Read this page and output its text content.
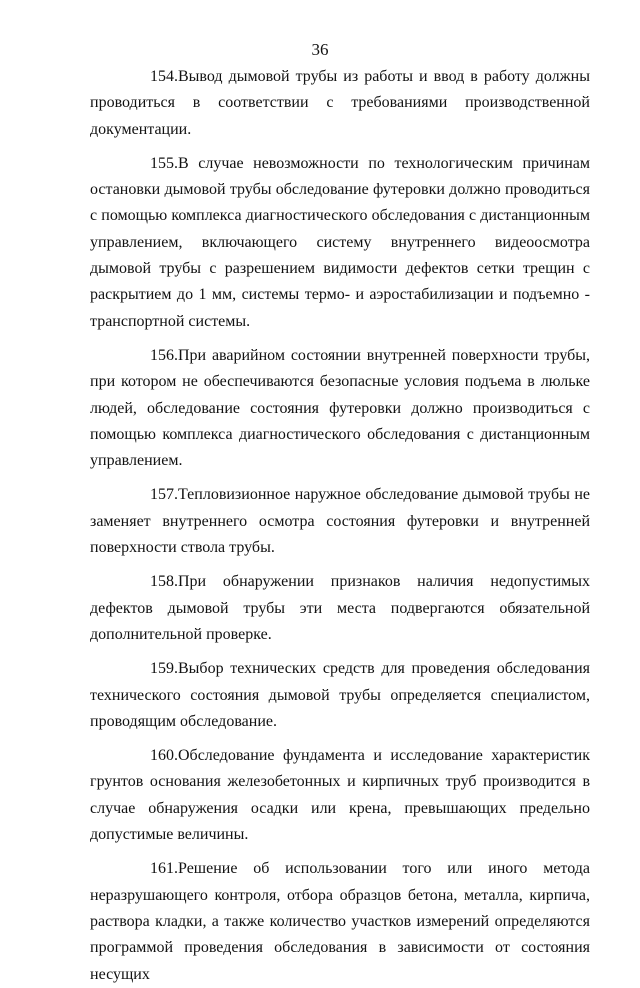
36

154.Вывод дымовой трубы из работы и ввод в работу должны проводиться в соответствии с требованиями производственной документации.

155.В случае невозможности по технологическим причинам остановки дымовой трубы обследование футеровки должно проводиться с помощью комплекса диагностического обследования с дистанционным управлением, включающего систему внутреннего видеоосмотра дымовой трубы с разрешением видимости дефектов сетки трещин с раскрытием до 1 мм, системы термо- и аэростабилизации и подъемно - транспортной системы.

156.При аварийном состоянии внутренней поверхности трубы, при котором не обеспечиваются безопасные условия подъема в люльке людей, обследование состояния футеровки должно производиться с помощью комплекса диагностического обследования с дистанционным управлением.

157.Тепловизионное наружное обследование дымовой трубы не заменяет внутреннего осмотра состояния футеровки и внутренней поверхности ствола трубы.

158.При обнаружении признаков наличия недопустимых дефектов дымовой трубы эти места подвергаются обязательной дополнительной проверке.

159.Выбор технических средств для проведения обследования технического состояния дымовой трубы определяется специалистом, проводящим обследование.

160.Обследование фундамента и исследование характеристик грунтов основания железобетонных и кирпичных труб производится в случае обнаружения осадки или крена, превышающих предельно допустимые величины.

161.Решение об использовании того или иного метода неразрушающего контроля, отбора образцов бетона, металла, кирпича, раствора кладки, а также количество участков измерений определяются программой проведения обследования в зависимости от состояния несущих
